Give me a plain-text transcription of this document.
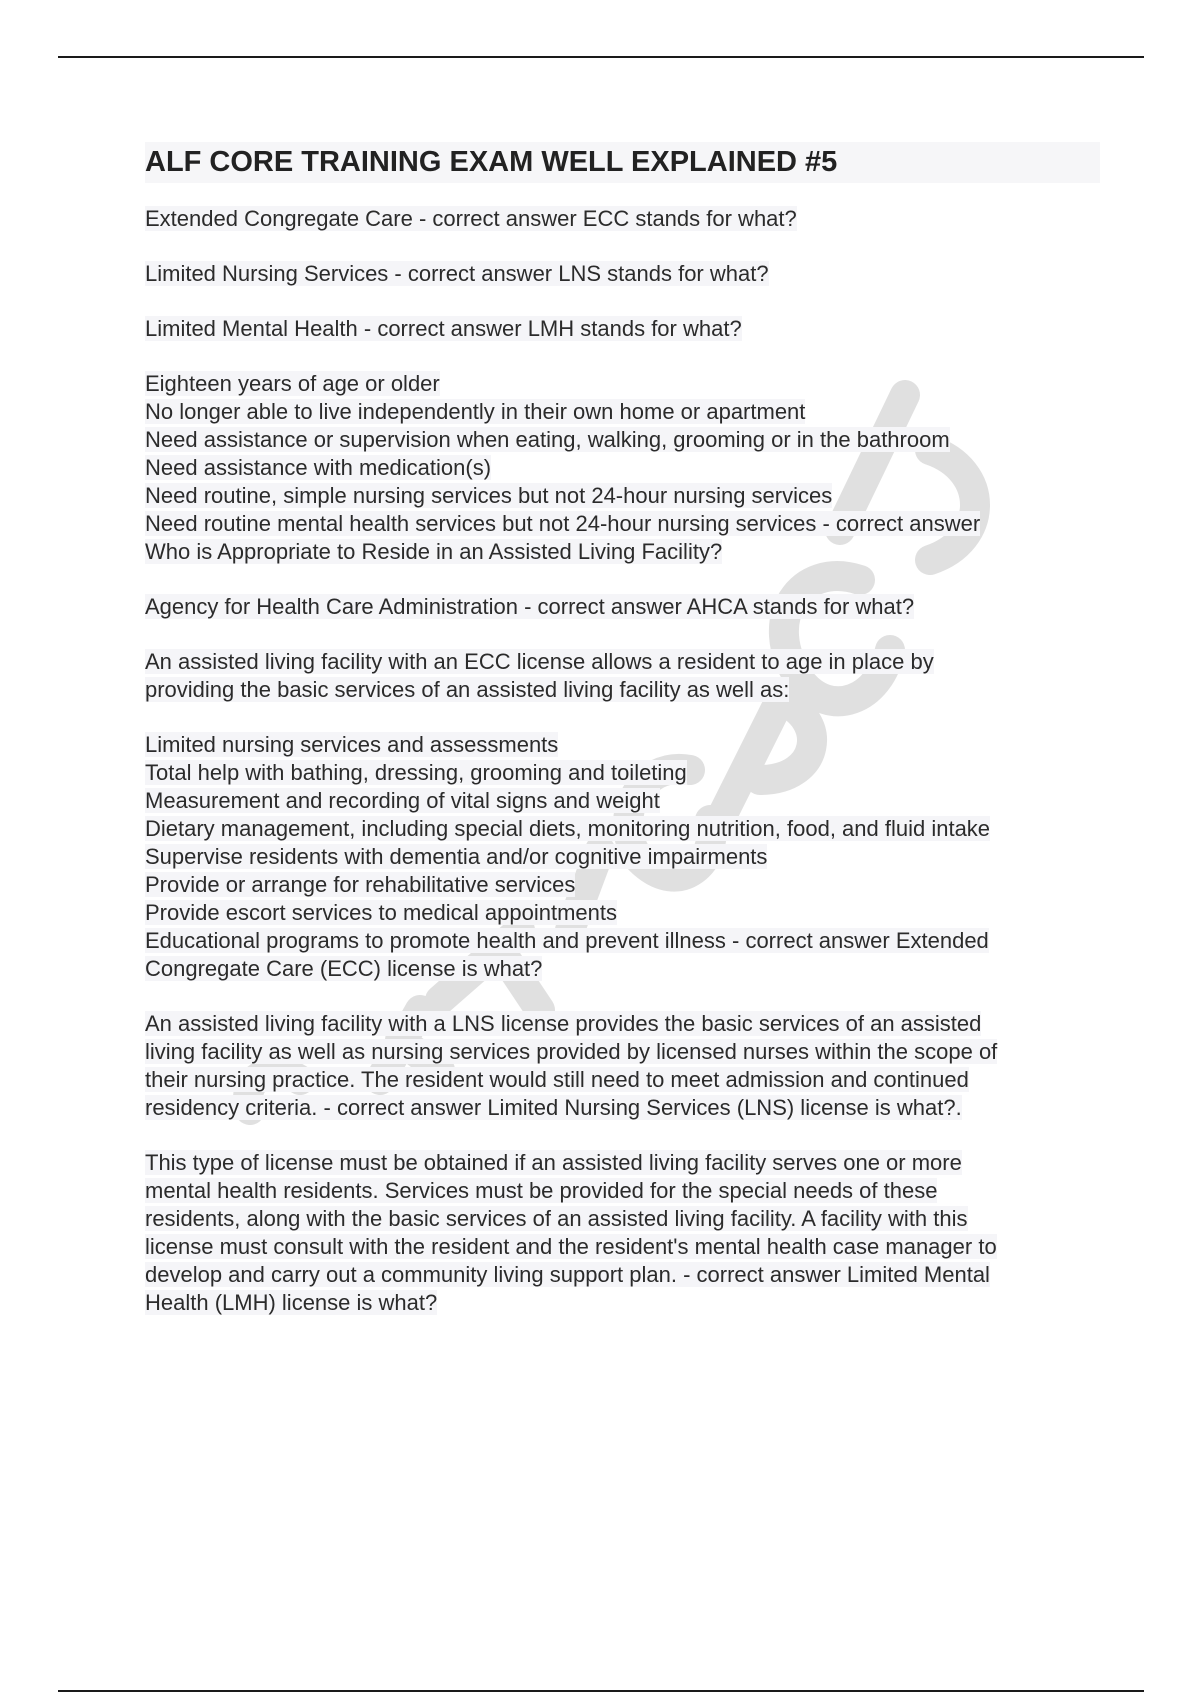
ALF CORE TRAINING EXAM WELL EXPLAINED #5
Extended Congregate Care - correct answer ECC stands for what?
Limited Nursing Services - correct answer LNS stands for what?
Limited Mental Health - correct answer LMH stands for what?
Eighteen years of age or older
No longer able to live independently in their own home or apartment
Need assistance or supervision when eating, walking, grooming or in the bathroom
Need assistance with medication(s)
Need routine, simple nursing services but not 24-hour nursing services
Need routine mental health services but not 24-hour nursing services - correct answer
Who is Appropriate to Reside in an Assisted Living Facility?
Agency for Health Care Administration - correct answer AHCA stands for what?
An assisted living facility with an ECC license allows a resident to age in place by
providing the basic services of an assisted living facility as well as:
Limited nursing services and assessments
Total help with bathing, dressing, grooming and toileting
Measurement and recording of vital signs and weight
Dietary management, including special diets, monitoring nutrition, food, and fluid intake
Supervise residents with dementia and/or cognitive impairments
Provide or arrange for rehabilitative services
Provide escort services to medical appointments
Educational programs to promote health and prevent illness - correct answer Extended
Congregate Care (ECC) license is what?
An assisted living facility with a LNS license provides the basic services of an assisted
living facility as well as nursing services provided by licensed nurses within the scope of
their nursing practice. The resident would still need to meet admission and continued
residency criteria. - correct answer Limited Nursing Services (LNS) license is what?.
This type of license must be obtained if an assisted living facility serves one or more
mental health residents. Services must be provided for the special needs of these
residents, along with the basic services of an assisted living facility. A facility with this
license must consult with the resident and the resident's mental health case manager to
develop and carry out a community living support plan. - correct answer Limited Mental
Health (LMH) license is what?
